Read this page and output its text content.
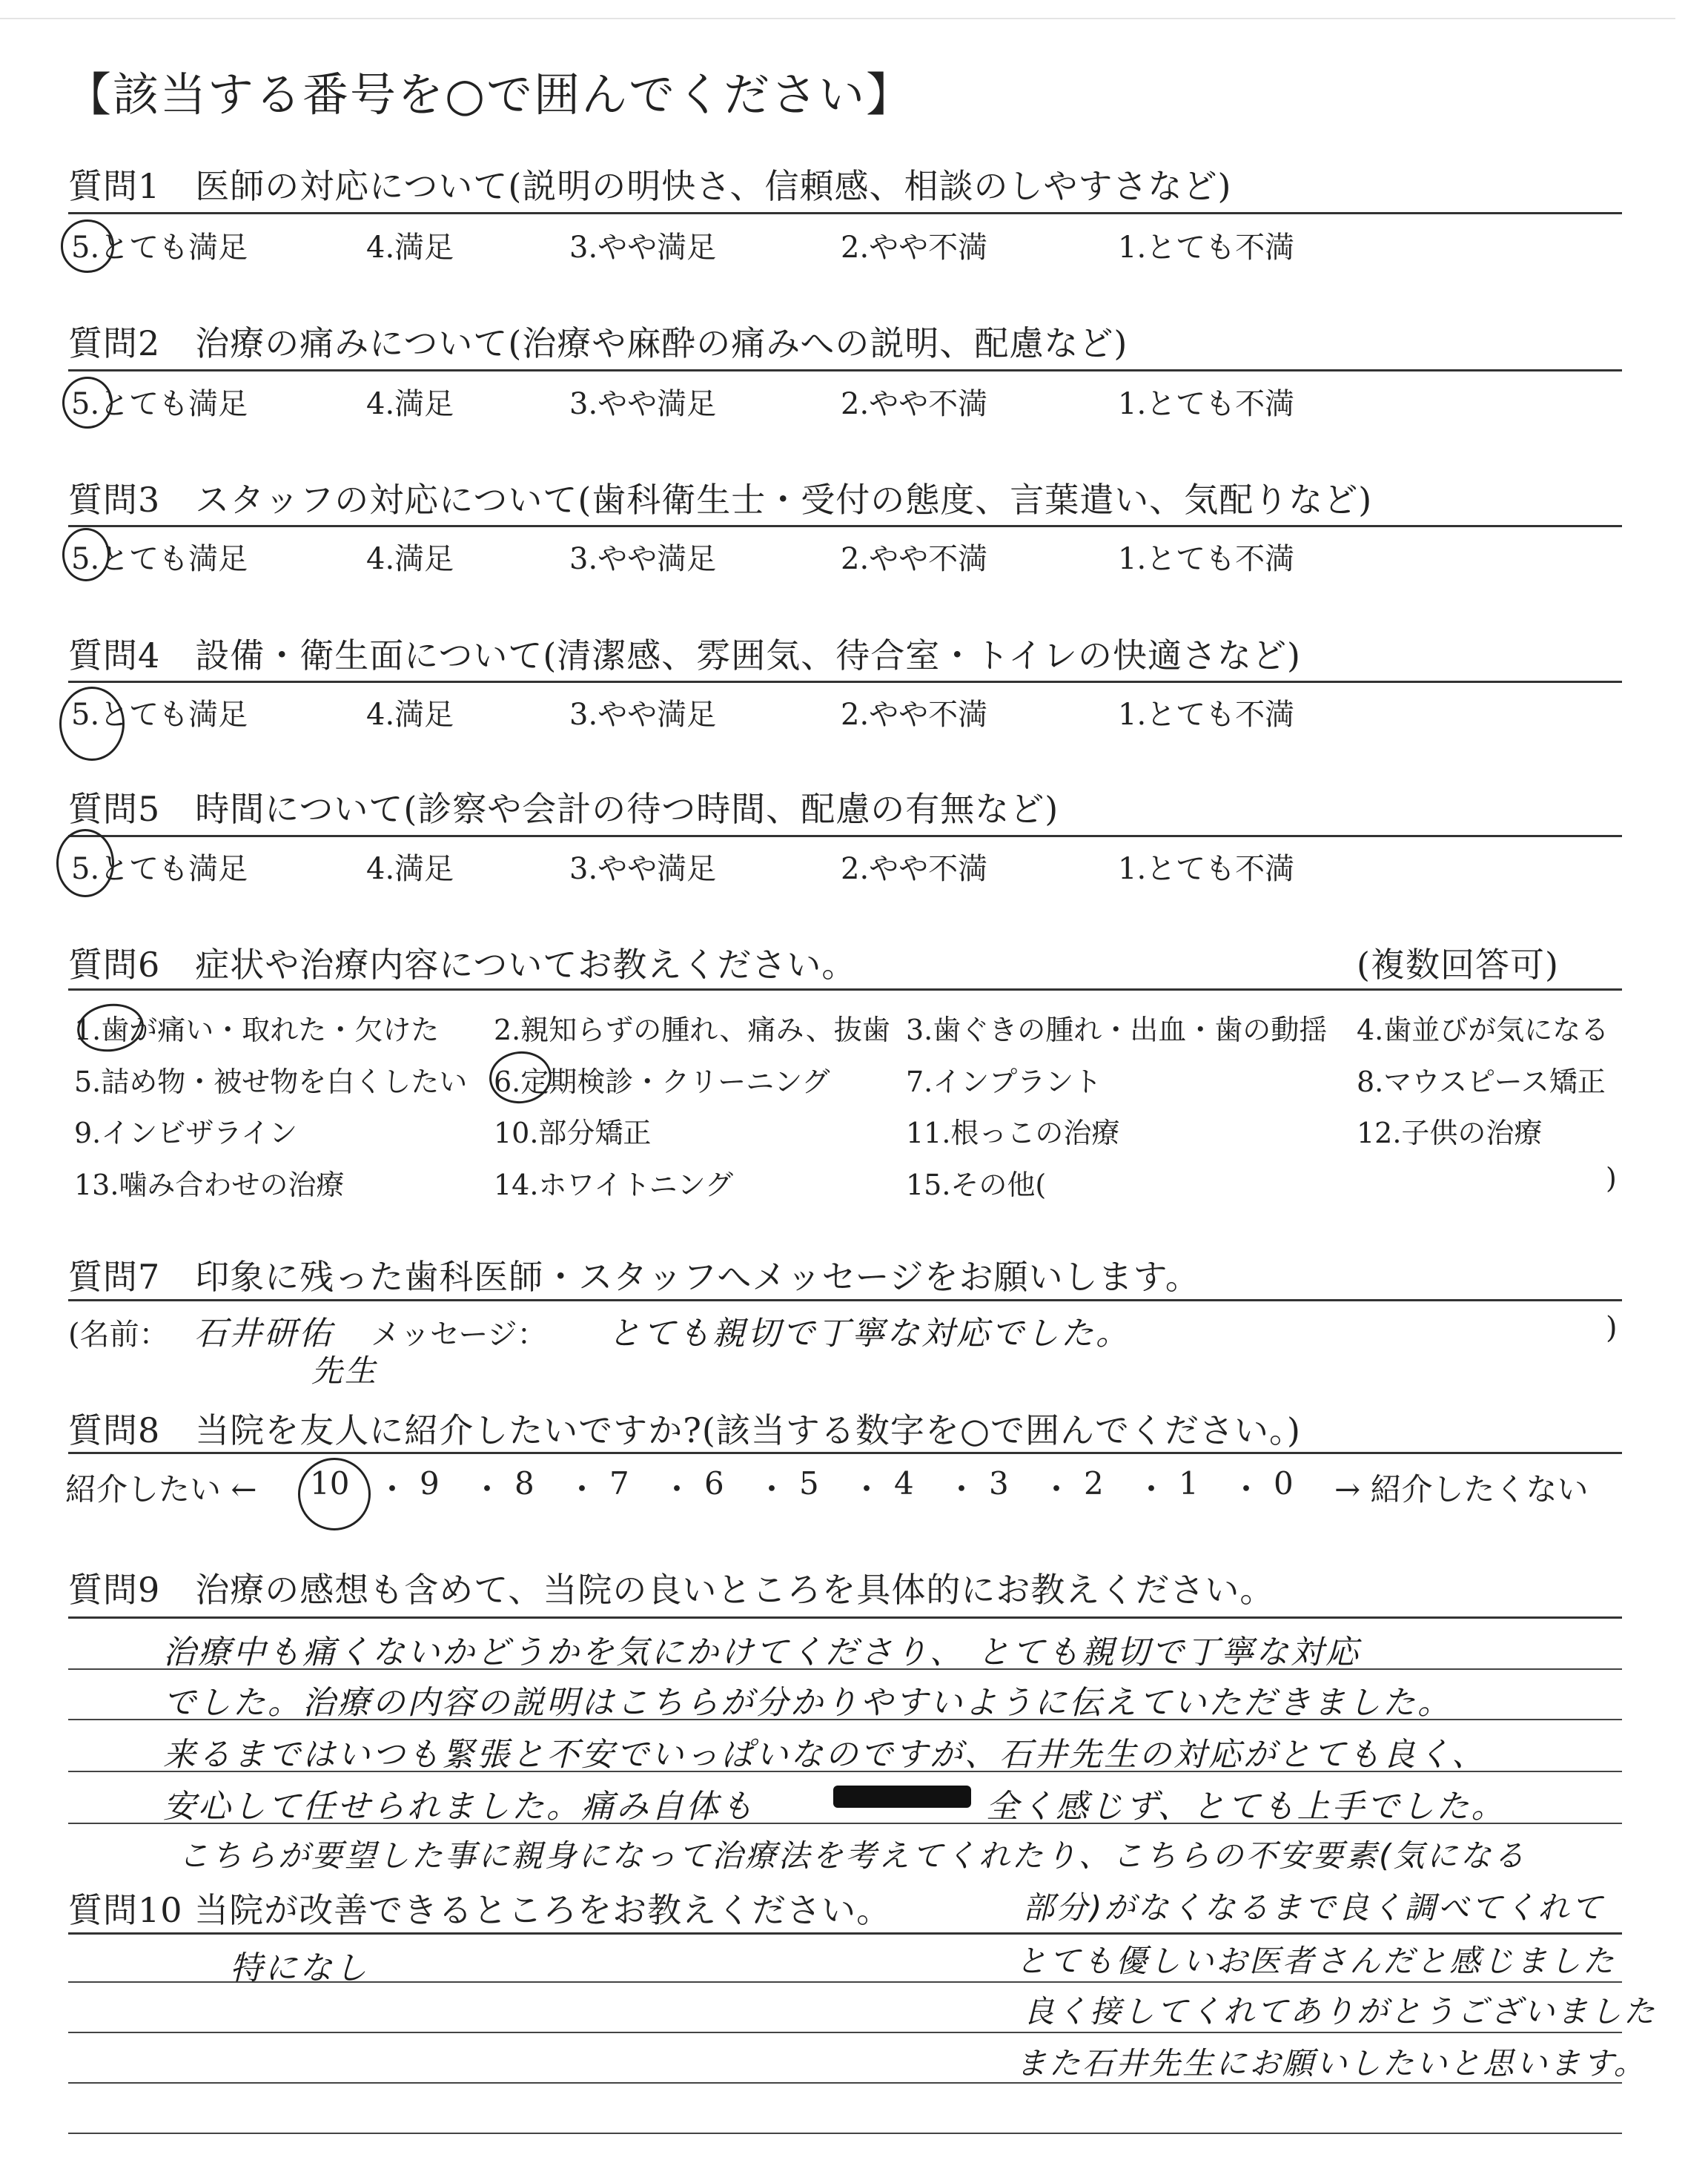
【該当する番号を○で囲んでください】
質問1　医師の対応について(説明の明快さ、信頼感、相談のしやすさなど)
5.とても満足	4.満足	3.やや満足	2.やや不満	1.とても不満
質問2　治療の痛みについて(治療や麻酔の痛みへの説明、配慮など)
5.とても満足	4.満足	3.やや満足	2.やや不満	1.とても不満
質問3　スタッフの対応について(歯科衛生士・受付の態度、言葉遣い、気配りなど)
5.とても満足	4.満足	3.やや満足	2.やや不満	1.とても不満
質問4　設備・衛生面について(清潔感、雰囲気、待合室・トイレの快適さなど)
5.とても満足	4.満足	3.やや満足	2.やや不満	1.とても不満
質問5　時間について(診察や会計の待つ時間、配慮の有無など)
5.とても満足	4.満足	3.やや満足	2.やや不満	1.とても不満
質問6　症状や治療内容についてお教えください。	(複数回答可)
1.歯が痛い・取れた・欠けた 2.親知らずの腫れ、痛み、抜歯 3.歯ぐきの腫れ・出血・歯の動揺 4.歯並びが気になる
5.詰め物・被せ物を白くしたい 6.定期検診・クリーニング	7.インプラント	8.マウスピース矯正
9.インビザライン	10.部分矯正	11.根っこの治療	12.子供の治療
13.噛み合わせの治療	14.ホワイトニング	15.その他(	)
質問7　印象に残った歯科医師・スタッフへメッセージをお願いします。
(名前： 石井研佑
先生
メッセージ： とても親切で丁寧な対応でした。	)
質問8　当院を友人に紹介したいですか?(該当する数字を○で囲んでください。)
紹介したい ←	→ 紹介したくない
10 ・ 9 ・ 8 ・ 7 ・ 6 ・ 5 ・ 4 ・ 3 ・ 2 ・ 1 ・ 0
質問9　治療の感想も含めて、当院の良いところを具体的にお教えください。
治療中も痛くないかどうかを気にかけてくださり、 とても親切で丁寧な対応
でした。治療の内容の説明はこちらが分かりやすいように伝えていただきました。
来るまではいつも緊張と不安でいっぱいなのですが、石井先生の対応がとても良く、
安心して任せられました。痛み自体も	全く感じず、とても上手でした。
こちらが要望した事に親身になって治療法を考えてくれたり、こちらの不安要素(気になる
質問10 当院が改善できるところをお教えください。
特になし
部分)がなくなるまで良く調べてくれて
とても優しいお医者さんだと感じました
良く接してくれてありがとうございました
また石井先生にお願いしたいと思います。
